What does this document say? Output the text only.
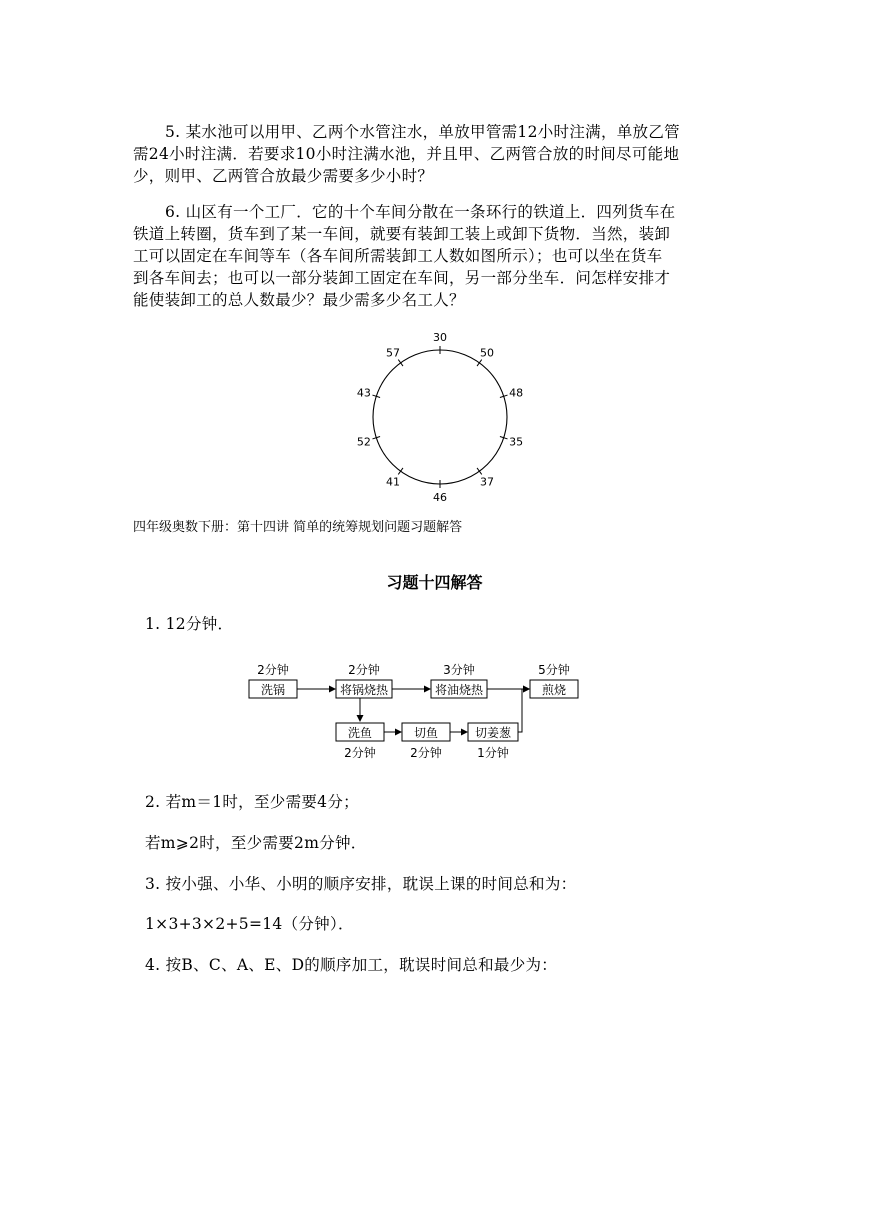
5. 某水池可以用甲、乙两个水管注水，单放甲管需12小时注满，单放乙管
需24小时注满．若要求10小时注满水池，并且甲、乙两管合放的时间尽可能地
少，则甲、乙两管合放最少需要多少小时？
6. 山区有一个工厂．它的十个车间分散在一条环行的铁道上．四列货车在
铁道上转圈，货车到了某一车间，就要有装卸工装上或卸下货物．当然，装卸
工可以固定在车间等车（各车间所需装卸工人数如图所示）；也可以坐在货车
到各车间去；也可以一部分装卸工固定在车间，另一部分坐车．问怎样安排才
能使装卸工的总人数最少？最少需多少名工人？
30
50
48
35
37
46
41
52
43
57
四年级奥数下册：第十四讲 简单的统筹规划问题习题解答
习题十四解答
1. 12分钟．
2分钟	2分钟	3分钟	5分钟
洗锅	将锅烧热	将油烧热	煎烧
洗鱼	切鱼	切姜葱
2分钟	2分钟	1分钟
2. 若m＝1时，至少需要4分；
若m⩾2时，至少需要2m分钟．
3. 按小强、小华、小明的顺序安排，耽误上课的时间总和为：
1×3+3×2+5=14（分钟）．
4. 按B、C、A、E、D的顺序加工，耽误时间总和最少为：
